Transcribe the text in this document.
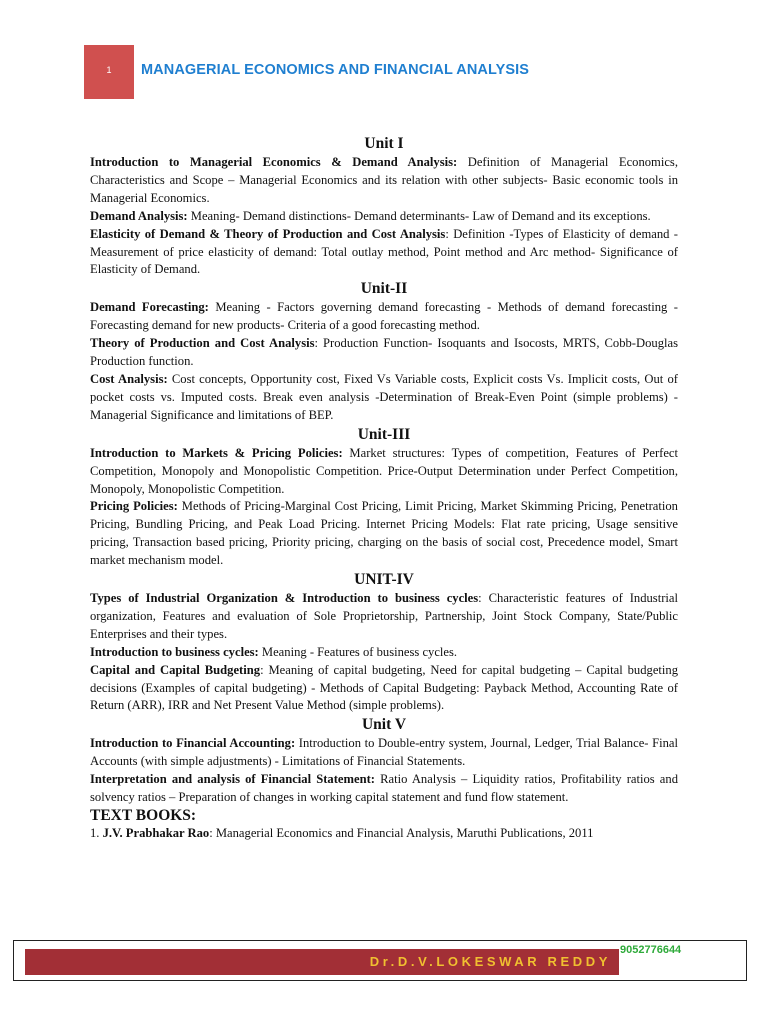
1 MANAGERIAL ECONOMICS AND FINANCIAL ANALYSIS
Unit I

Introduction to Managerial Economics & Demand Analysis: Definition of Managerial Economics, Characteristics and Scope – Managerial Economics and its relation with other subjects- Basic economic tools in Managerial Economics.

Demand Analysis: Meaning- Demand distinctions- Demand determinants- Law of Demand and its exceptions.

Elasticity of Demand & Theory of Production and Cost Analysis: Definition -Types of Elasticity of demand - Measurement of price elasticity of demand: Total outlay method, Point method and Arc method- Significance of Elasticity of Demand.

Unit-II

Demand Forecasting: Meaning - Factors governing demand forecasting - Methods of demand forecasting - Forecasting demand for new products- Criteria of a good forecasting method.

Theory of Production and Cost Analysis: Production Function- Isoquants and Isocosts, MRTS, Cobb-Douglas Production function.

Cost Analysis: Cost concepts, Opportunity cost, Fixed Vs Variable costs, Explicit costs Vs. Implicit costs, Out of pocket costs vs. Imputed costs. Break even analysis -Determination of Break-Even Point (simple problems) - Managerial Significance and limitations of BEP.

Unit-III

Introduction to Markets & Pricing Policies: Market structures: Types of competition, Features of Perfect Competition, Monopoly and Monopolistic Competition. Price-Output Determination under Perfect Competition, Monopoly, Monopolistic Competition.

Pricing Policies: Methods of Pricing-Marginal Cost Pricing, Limit Pricing, Market Skimming Pricing, Penetration Pricing, Bundling Pricing, and Peak Load Pricing. Internet Pricing Models: Flat rate pricing, Usage sensitive pricing, Transaction based pricing, Priority pricing, charging on the basis of social cost, Precedence model, Smart market mechanism model.

UNIT-IV

Types of Industrial Organization & Introduction to business cycles: Characteristic features of Industrial organization, Features and evaluation of Sole Proprietorship, Partnership, Joint Stock Company, State/Public Enterprises and their types.

Introduction to business cycles: Meaning - Features of business cycles.

Capital and Capital Budgeting: Meaning of capital budgeting, Need for capital budgeting – Capital budgeting decisions (Examples of capital budgeting) - Methods of Capital Budgeting: Payback Method, Accounting Rate of Return (ARR), IRR and Net Present Value Method (simple problems).

Unit V

Introduction to Financial Accounting: Introduction to Double-entry system, Journal, Ledger, Trial Balance- Final Accounts (with simple adjustments) - Limitations of Financial Statements.

Interpretation and analysis of Financial Statement: Ratio Analysis – Liquidity ratios, Profitability ratios and solvency ratios – Preparation of changes in working capital statement and fund flow statement.

TEXT BOOKS:

1. J.V. Prabhakar Rao: Managerial Economics and Financial Analysis, Maruthi Publications, 2011

Dr.D.V.LOKESWAR REDDY
9052776644
